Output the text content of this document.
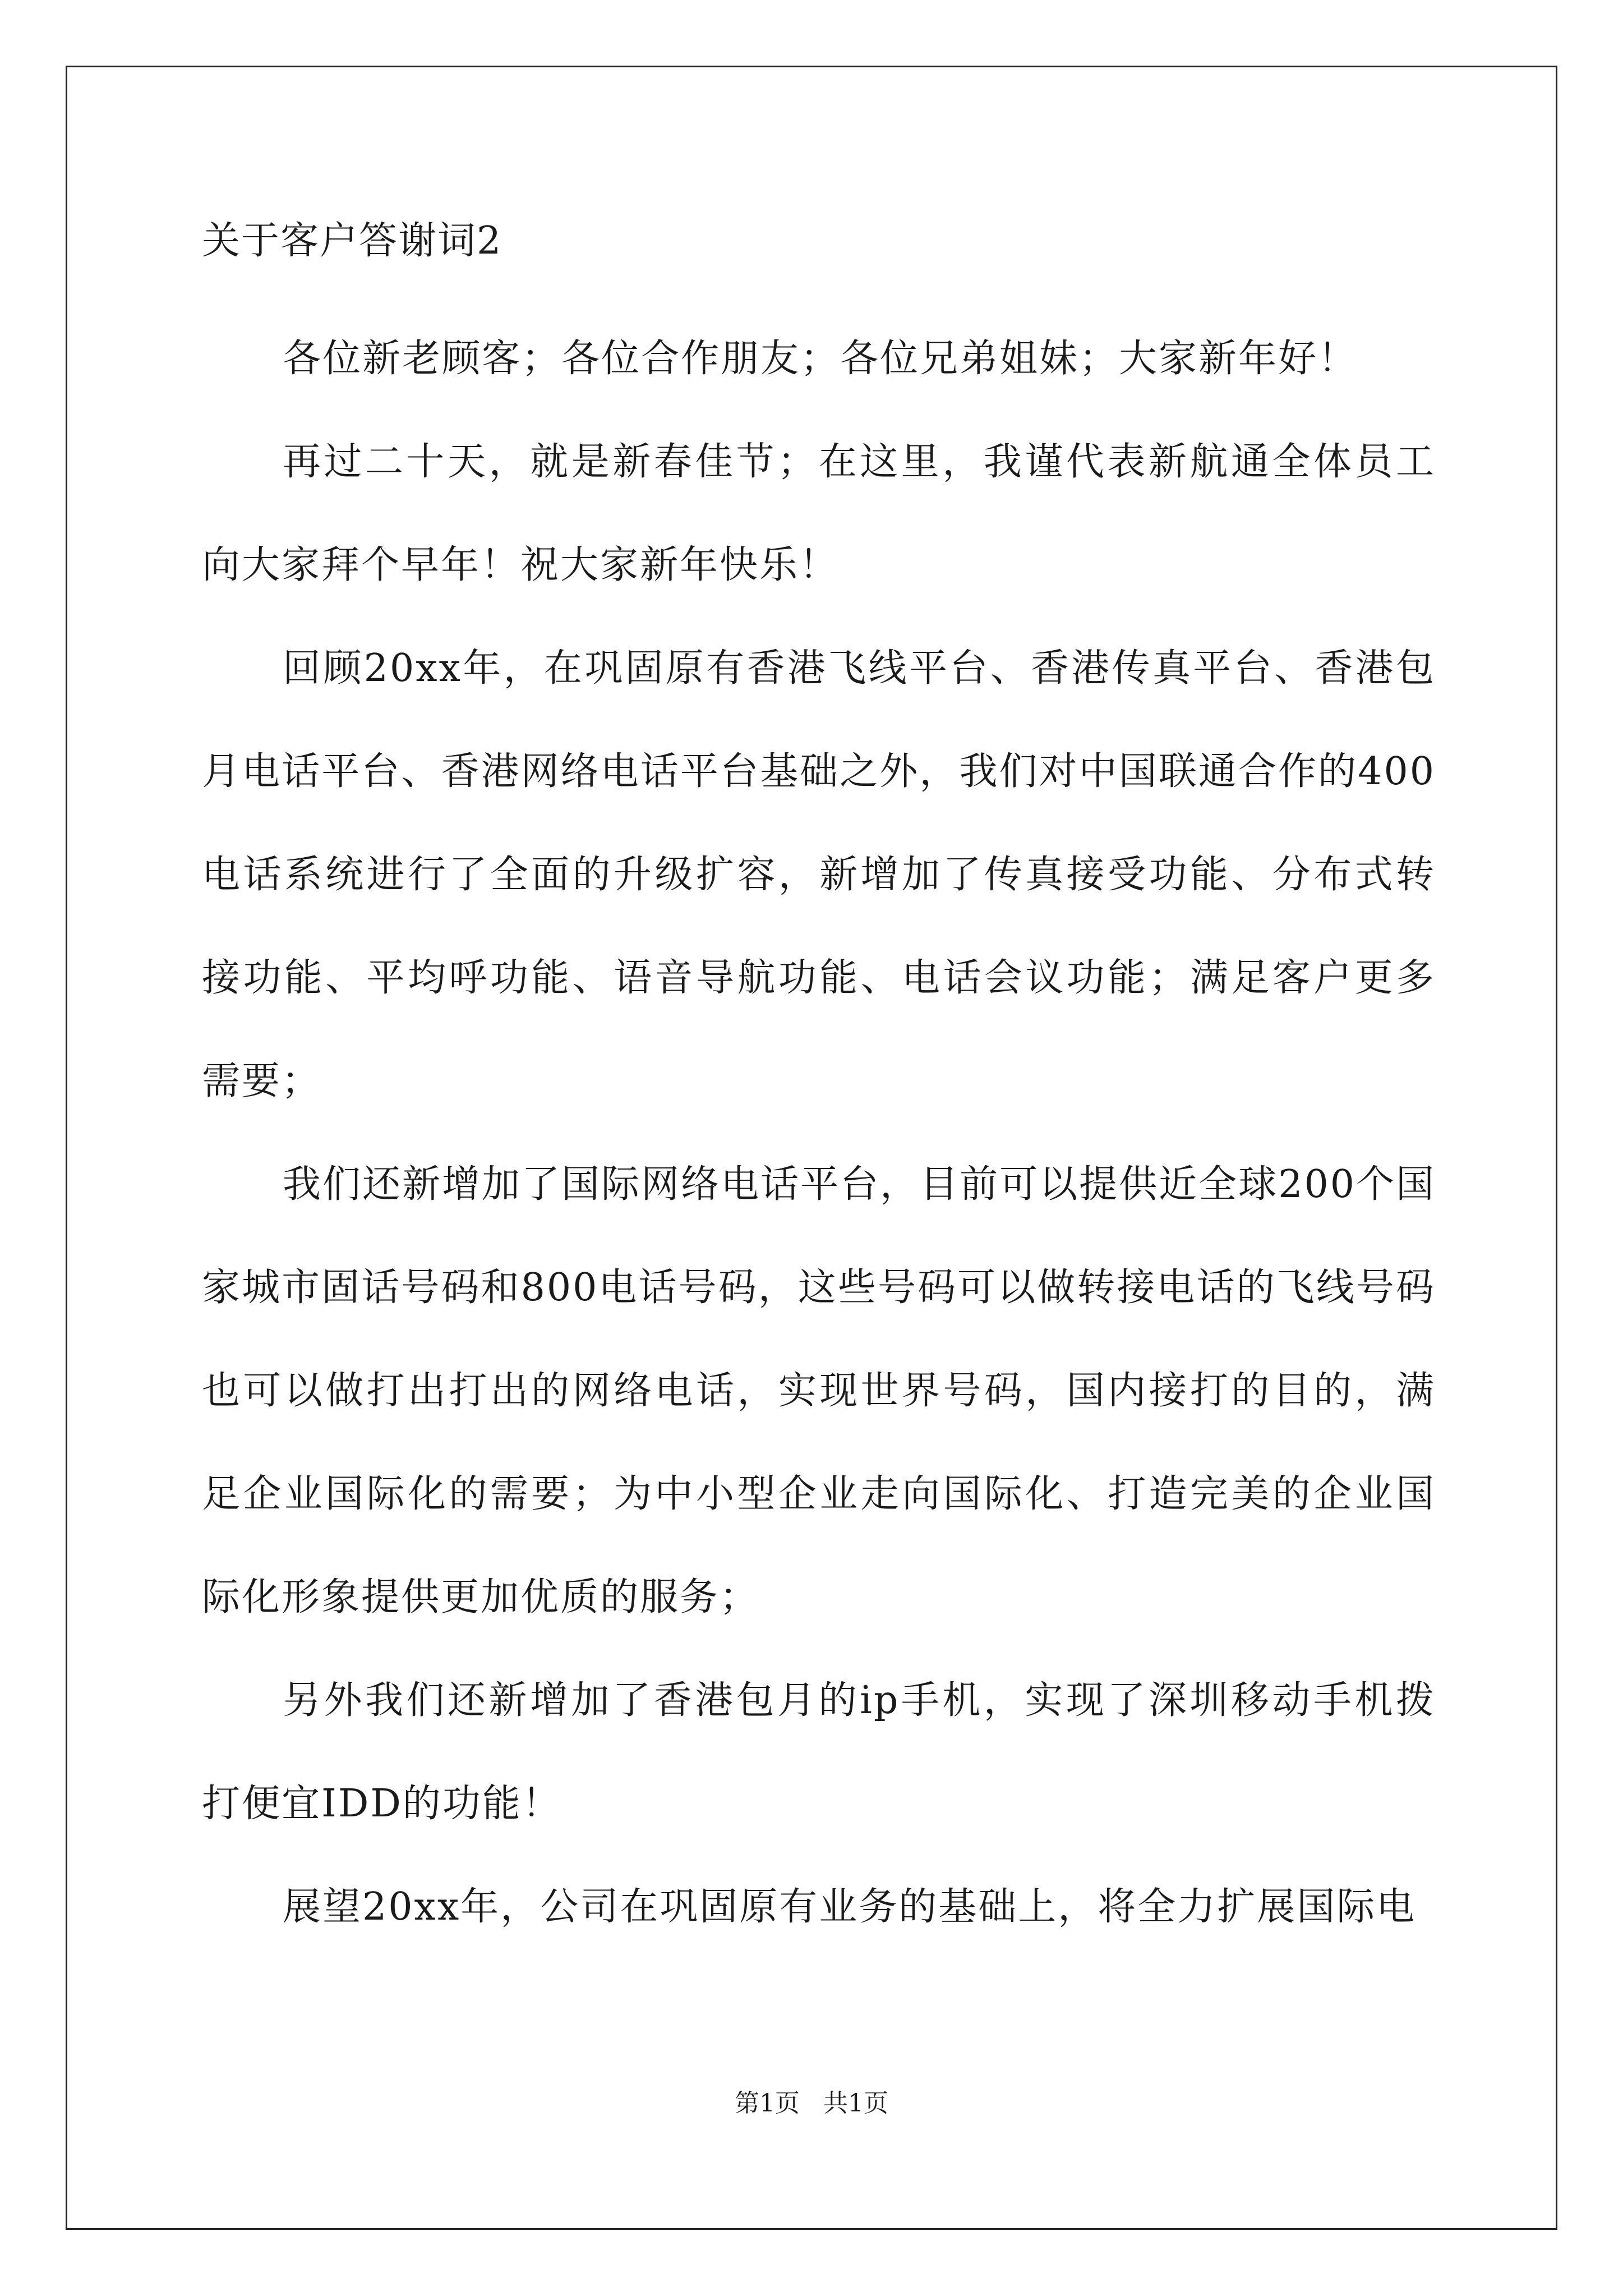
关于客户答谢词2

各位新老顾客；各位合作朋友；各位兄弟姐妹；大家新年好！

再过二十天，就是新春佳节；在这里，我谨代表新航通全体员工向大家拜个早年！祝大家新年快乐！

回顾20xx年，在巩固原有香港飞线平台、香港传真平台、香港包月电话平台、香港网络电话平台基础之外，我们对中国联通合作的400电话系统进行了全面的升级扩容，新增加了传真接受功能、分布式转接功能、平均呼功能、语音导航功能、电话会议功能；满足客户更多需要；

我们还新增加了国际网络电话平台，目前可以提供近全球200个国家城市固话号码和800电话号码，这些号码可以做转接电话的飞线号码也可以做打出打出的网络电话，实现世界号码，国内接打的目的，满足企业国际化的需要；为中小型企业走向国际化、打造完美的企业国际化形象提供更加优质的服务；

另外我们还新增加了香港包月的ip手机，实现了深圳移动手机拨打便宜IDD的功能！

展望20xx年，公司在巩固原有业务的基础上，将全力扩展国际电

第1页   共1页
